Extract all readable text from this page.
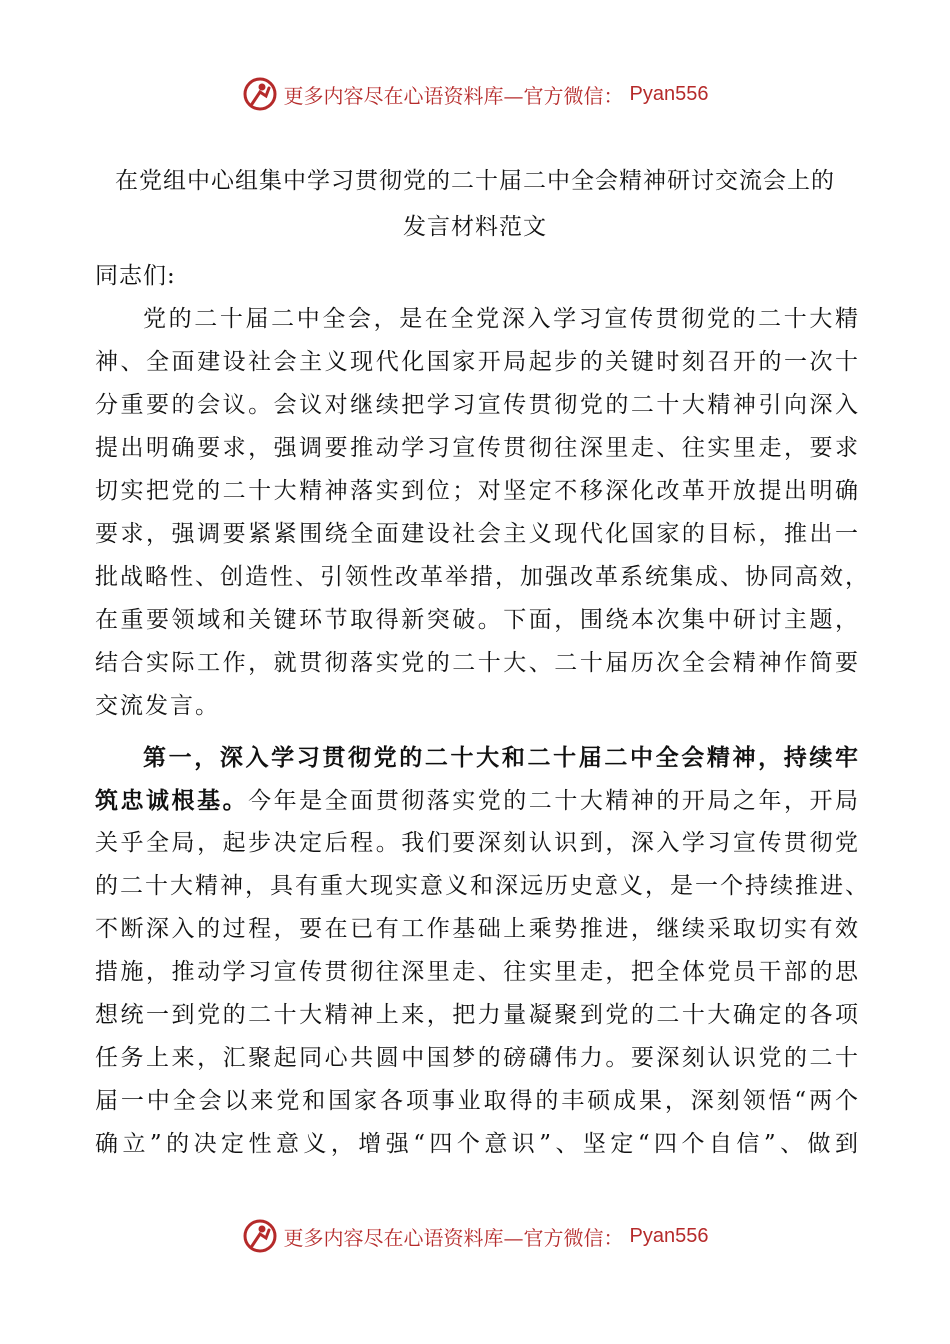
更多内容尽在心语资料库—官方微信： Pyan556
在党组中心组集中学习贯彻党的二十届二中全会精神研讨交流会上的
发言材料范文
同志们:
党的二十届二中全会，是在全党深入学习宣传贯彻党的二十大精
神、全面建设社会主义现代化国家开局起步的关键时刻召开的一次十
分重要的会议。会议对继续把学习宣传贯彻党的二十大精神引向深入
提出明确要求，强调要推动学习宣传贯彻往深里走、往实里走，要求
切实把党的二十大精神落实到位；对坚定不移深化改革开放提出明确
要求，强调要紧紧围绕全面建设社会主义现代化国家的目标，推出一
批战略性、创造性、引领性改革举措，加强改革系统集成、协同高效，
在重要领域和关键环节取得新突破。下面，围绕本次集中研讨主题，
结合实际工作，就贯彻落实党的二十大、二十届历次全会精神作简要
交流发言。
第一，深入学习贯彻党的二十大和二十届二中全会精神，持续牢
筑忠诚根基。今年是全面贯彻落实党的二十大精神的开局之年，开局
关乎全局，起步决定后程。我们要深刻认识到，深入学习宣传贯彻党
的二十大精神，具有重大现实意义和深远历史意义，是一个持续推进、
不断深入的过程，要在已有工作基础上乘势推进，继续采取切实有效
措施，推动学习宣传贯彻往深里走、往实里走，把全体党员干部的思
想统一到党的二十大精神上来，把力量凝聚到党的二十大确定的各项
任务上来，汇聚起同心共圆中国梦的磅礴伟力。要深刻认识党的二十
届一中全会以来党和国家各项事业取得的丰硕成果，深刻领悟“两个
确立”的决定性意义，增强“四个意识”、坚定“四个自信”、做到
更多内容尽在心语资料库—官方微信： Pyan556
